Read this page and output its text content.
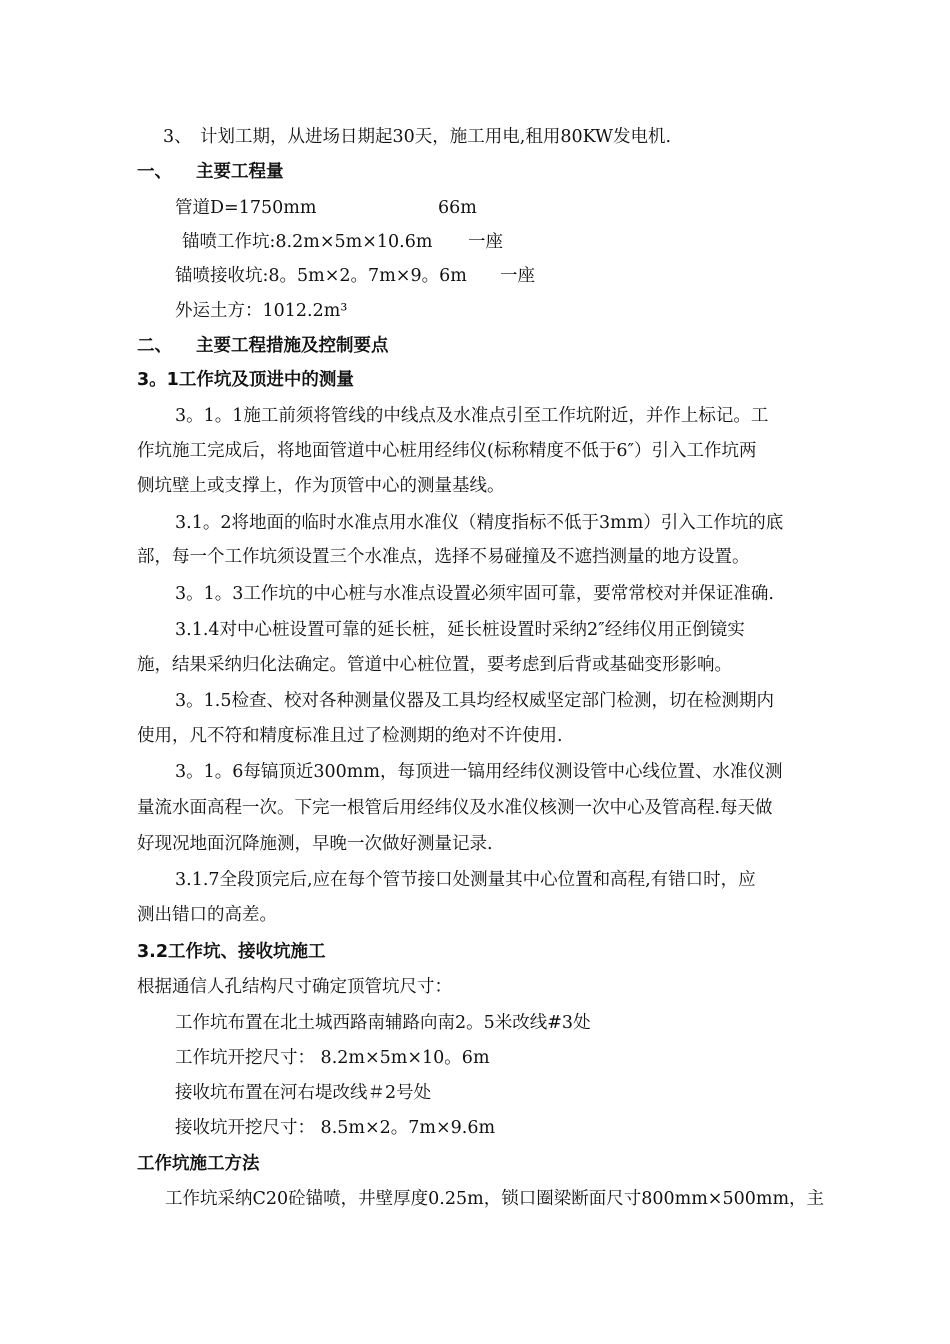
3、 计划工期，从进场日期起30天，施工用电,租用80KW发电机.
一、 主要工程量
管道D=1750mm	66m
锚喷工作坑:8.2m×5m×10.6m 一座
锚喷接收坑:8。5m×2。7m×9。6m 一座
外运土方：1012.2m³
二、 主要工程措施及控制要点
3。1工作坑及顶进中的测量
3。1。1施工前须将管线的中线点及水准点引至工作坑附近，并作上标记。工
作坑施工完成后，将地面管道中心桩用经纬仪(标称精度不低于6″）引入工作坑两
侧坑壁上或支撑上，作为顶管中心的测量基线。
3.1。2将地面的临时水准点用水准仪（精度指标不低于3mm）引入工作坑的底
部，每一个工作坑须设置三个水准点，选择不易碰撞及不遮挡测量的地方设置。
3。1。3工作坑的中心桩与水准点设置必须牢固可靠，要常常校对并保证准确.
3.1.4对中心桩设置可靠的延长桩，延长桩设置时采纳2″经纬仪用正倒镜实
施，结果采纳归化法确定。管道中心桩位置，要考虑到后背或基础变形影响。
3。1.5检查、校对各种测量仪器及工具均经权威坚定部门检测，切在检测期内
使用，凡不符和精度标准且过了检测期的绝对不许使用.
3。1。6每镐顶近300mm，每顶进一镐用经纬仪测设管中心线位置、水准仪测
量流水面高程一次。下完一根管后用经纬仪及水准仪核测一次中心及管高程.每天做
好现况地面沉降施测，早晚一次做好测量记录.
3.1.7全段顶完后,应在每个管节接口处测量其中心位置和高程,有错口时，应
测出错口的高差。
3.2工作坑、接收坑施工
根据通信人孔结构尺寸确定顶管坑尺寸：
工作坑布置在北土城西路南辅路向南2。5米改线#3处
工作坑开挖尺寸： 8.2m×5m×10。6m
接收坑布置在河右堤改线＃2号处
接收坑开挖尺寸： 8.5m×2。7m×9.6m
工作坑施工方法
工作坑采纳C20砼锚喷，井壁厚度0.25m，锁口圈梁断面尺寸800mm×500mm，主
